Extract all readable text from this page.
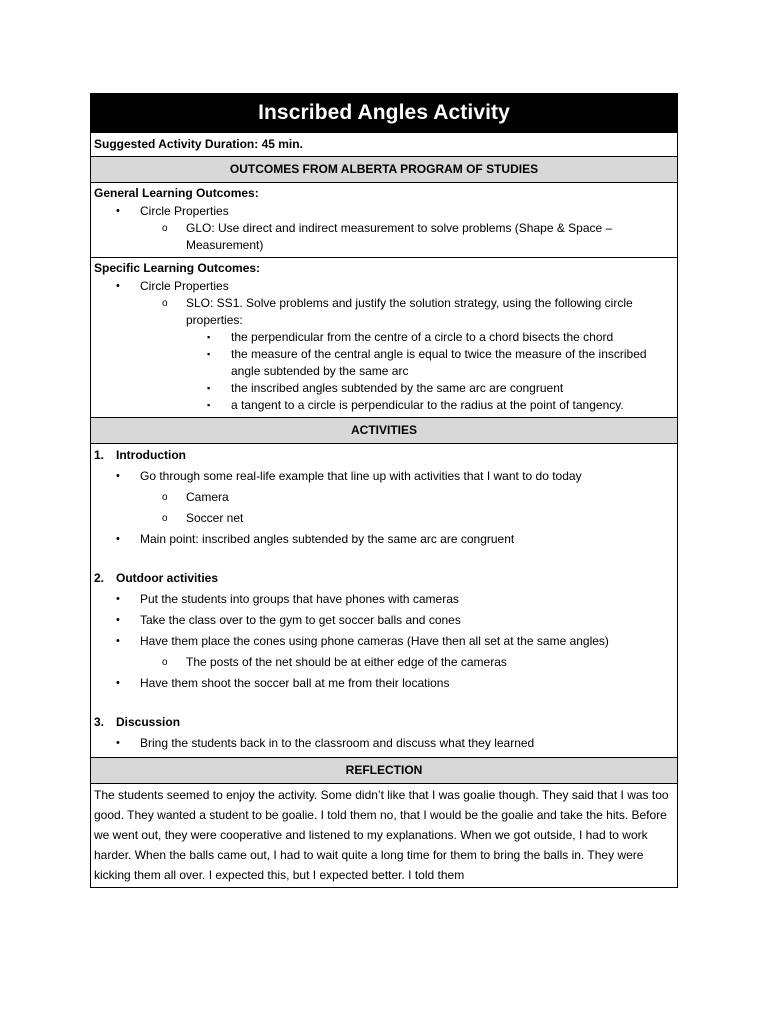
Inscribed Angles Activity
Suggested Activity Duration: 45 min.
OUTCOMES FROM ALBERTA PROGRAM OF STUDIES
General Learning Outcomes:
• Circle Properties
o GLO: Use direct and indirect measurement to solve problems (Shape & Space – Measurement)
Specific Learning Outcomes:
• Circle Properties
o SLO: SS1. Solve problems and justify the solution strategy, using the following circle properties:
▪ the perpendicular from the centre of a circle to a chord bisects the chord
▪ the measure of the central angle is equal to twice the measure of the inscribed angle subtended by the same arc
▪ the inscribed angles subtended by the same arc are congruent
▪ a tangent to a circle is perpendicular to the radius at the point of tangency.
ACTIVITIES
1. Introduction
• Go through some real-life example that line up with activities that I want to do today
o Camera
o Soccer net
• Main point: inscribed angles subtended by the same arc are congruent
2. Outdoor activities
• Put the students into groups that have phones with cameras
• Take the class over to the gym to get soccer balls and cones
• Have them place the cones using phone cameras (Have then all set at the same angles)
o The posts of the net should be at either edge of the cameras
• Have them shoot the soccer ball at me from their locations
3. Discussion
• Bring the students back in to the classroom and discuss what they learned
REFLECTION
The students seemed to enjoy the activity. Some didn’t like that I was goalie though. They said that I was too good. They wanted a student to be goalie. I told them no, that I would be the goalie and take the hits. Before we went out, they were cooperative and listened to my explanations. When we got outside, I had to work harder. When the balls came out, I had to wait quite a long time for them to bring the balls in. They were kicking them all over. I expected this, but I expected better. I told them
